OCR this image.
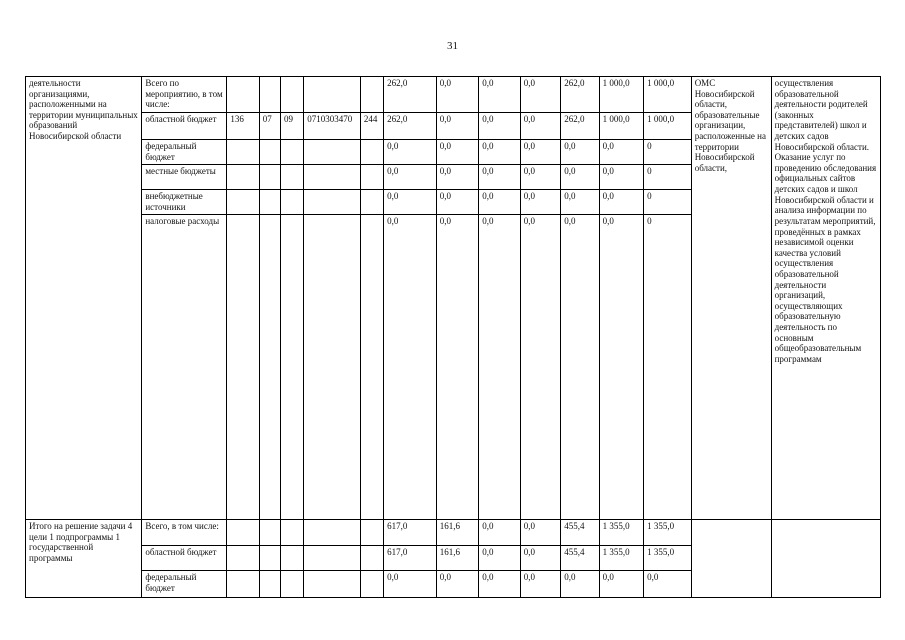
31
деятельности организациями, расположенными на территории муниципальных образований Новосибирской области	Всего по мероприятию, в том числе:						262,0	0,0	0,0	0,0	262,0	1 000,0	1 000,0	ОМС Новосибирской области, образовательные организации, расположенные на территории Новосибирской области,	осуществления образовательной деятельности родителей (законных представителей) школ и детских садов Новосибирской области. Оказание услуг по проведению обследования официальных сайтов детских садов и школ Новосибирской области и анализа информации по результатам мероприятий, проведённых в рамках независимой оценки качества условий осуществления образовательной деятельности организаций, осуществляющих образовательную деятельность по основным общеобразовательным программам
	областной бюджет	136	07	09	0710303470	244	262,0	0,0	0,0	0,0	262,0	1 000,0	1 000,0		
	федеральный бюджет						0,0	0,0	0,0	0,0	0,0	0,0	0		
	местные бюджеты						0,0	0,0	0,0	0,0	0,0	0,0	0		
	внебюджетные источники						0,0	0,0	0,0	0,0	0,0	0,0	0		
	налоговые расходы						0,0	0,0	0,0	0,0	0,0	0,0	0		
Итого на решение задачи 4 цели 1 подпрограммы 1 государственной программы	Всего, в том числе:						617,0	161,6	0,0	0,0	455,4	1 355,0	1 355,0		
	областной бюджет						617,0	161,6	0,0	0,0	455,4	1 355,0	1 355,0		
	федеральный бюджет						0,0	0,0	0,0	0,0	0,0	0,0	0,0		
